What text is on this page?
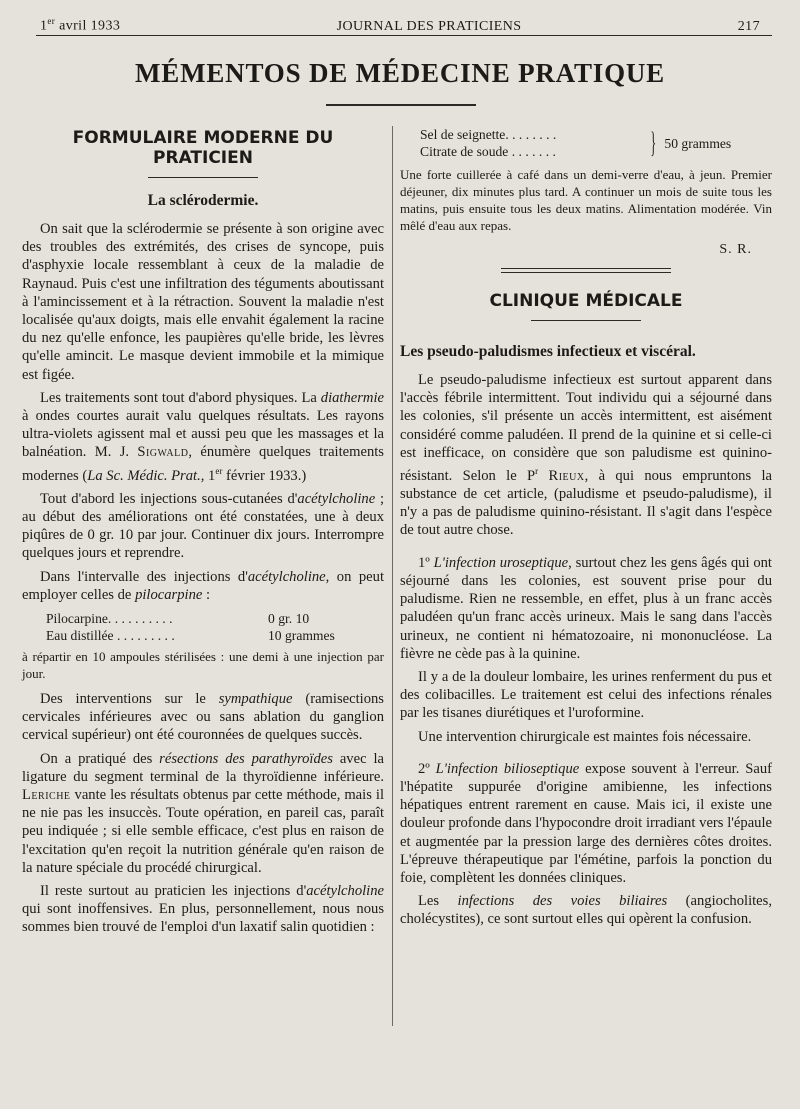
1er avril 1933	JOURNAL DES PRATICIENS	217
MÉMENTOS DE MÉDECINE PRATIQUE
FORMULAIRE MODERNE DU PRATICIEN
La sclérodermie.

On sait que la sclérodermie se présente à son origine avec des troubles des extrémités, des crises de syncope, puis d'asphyxie locale ressemblant à ceux de la maladie de Raynaud. Puis c'est une infiltration des téguments aboutissant à l'amincissement et à la rétraction. Souvent la maladie n'est localisée qu'aux doigts, mais elle envahit également la racine du nez qu'elle enfonce, les paupières qu'elle bride, les lèvres qu'elle amincit. Le masque devient immobile et la mimique est figée.

Les traitements sont tout d'abord physiques. La diathermie à ondes courtes aurait valu quelques résultats. Les rayons ultra-violets agissent mal et aussi peu que les massages et la balnéation. M. J. Sigwald, énumère quelques traitements modernes (La Sc. Médic. Prat., 1er février 1933.)

Tout d'abord les injections sous-cutanées d'acétylcholine ; au début des améliorations ont été constatées, une à deux piqûres de 0 gr. 10 par jour. Continuer dix jours. Interrompre quelques jours et reprendre.

Dans l'intervalle des injections d'acétylcholine, on peut employer celles de pilocarpine :

Pilocarpine. . . . . . . . . .	0 gr. 10
Eau distillée . . . . . . . . .	10 grammes

à répartir en 10 ampoules stérilisées : une demi à une injection par jour.

Des interventions sur le sympathique (ramisections cervicales inférieures avec ou sans ablation du ganglion cervical supérieur) ont été couronnées de quelques succès.

On a pratiqué des résections des parathyroïdes avec la ligature du segment terminal de la thyroïdienne inférieure. Leriche vante les résultats obtenus par cette méthode, mais il ne nie pas les insuccès. Toute opération, en pareil cas, paraît peu indiquée ; si elle semble efficace, c'est plus en raison de l'excitation qu'en reçoit la nutrition générale qu'en raison de la nature spéciale du procédé chirurgical.

Il reste surtout au praticien les injections d'acétylcholine qui sont inoffensives. En plus, personnellement, nous nous sommes bien trouvé de l'emploi d'un laxatif salin quotidien :

Sel de seignette. . . . . . . .
Citrate de soude . . . . . . .	} 50 grammes

Une forte cuillerée à café dans un demi-verre d'eau, à jeun. Premier déjeuner, dix minutes plus tard. A continuer un mois de suite tous les matins, puis ensuite tous les deux matins. Alimentation modérée. Vin mêlé d'eau aux repas.

S. R.
CLINIQUE MÉDICALE
Les pseudo-paludismes infectieux et viscéral.

Le pseudo-paludisme infectieux est surtout apparent dans l'accès fébrile intermittent. Tout individu qui a séjourné dans les colonies, s'il présente un accès intermittent, est aisément considéré comme paludéen. Il prend de la quinine et si celle-ci est inefficace, on considère que son paludisme est quinino-résistant. Selon le $P^r$ Rieux, à qui nous empruntons la substance de cet article, (paludisme et pseudo-paludisme), il n'y a pas de paludisme quinino-résistant. Il s'agit dans l'espèce de tout autre chose.

1º L'infection uroseptique, surtout chez les gens âgés qui ont séjourné dans les colonies, est souvent prise pour du paludisme. Rien ne ressemble, en effet, plus à un franc accès paludéen qu'un franc accès urineux. Mais le sang dans l'accès urineux, ne contient ni hématozoaire, ni mononucléose. La fièvre ne cède pas à la quinine.

Il y a de la douleur lombaire, les urines renferment du pus et des colibacilles. Le traitement est celui des infections rénales par les tisanes diurétiques et l'uroformine.

Une intervention chirurgicale est maintes fois nécessaire.

2º L'infection bilioseptique expose souvent à l'erreur. Sauf l'hépatite suppurée d'origine amibienne, les infections hépatiques entrent rarement en cause. Mais ici, il existe une douleur profonde dans l'hypocondre droit irradiant vers l'épaule et augmentée par la pression large des dernières côtes droites. L'épreuve thérapeutique par l'émétine, parfois la ponction du foie, complètent les données cliniques.

Les infections des voies biliaires (angiocholites, cholécystites), ce sont surtout elles qui opèrent la confusion.
